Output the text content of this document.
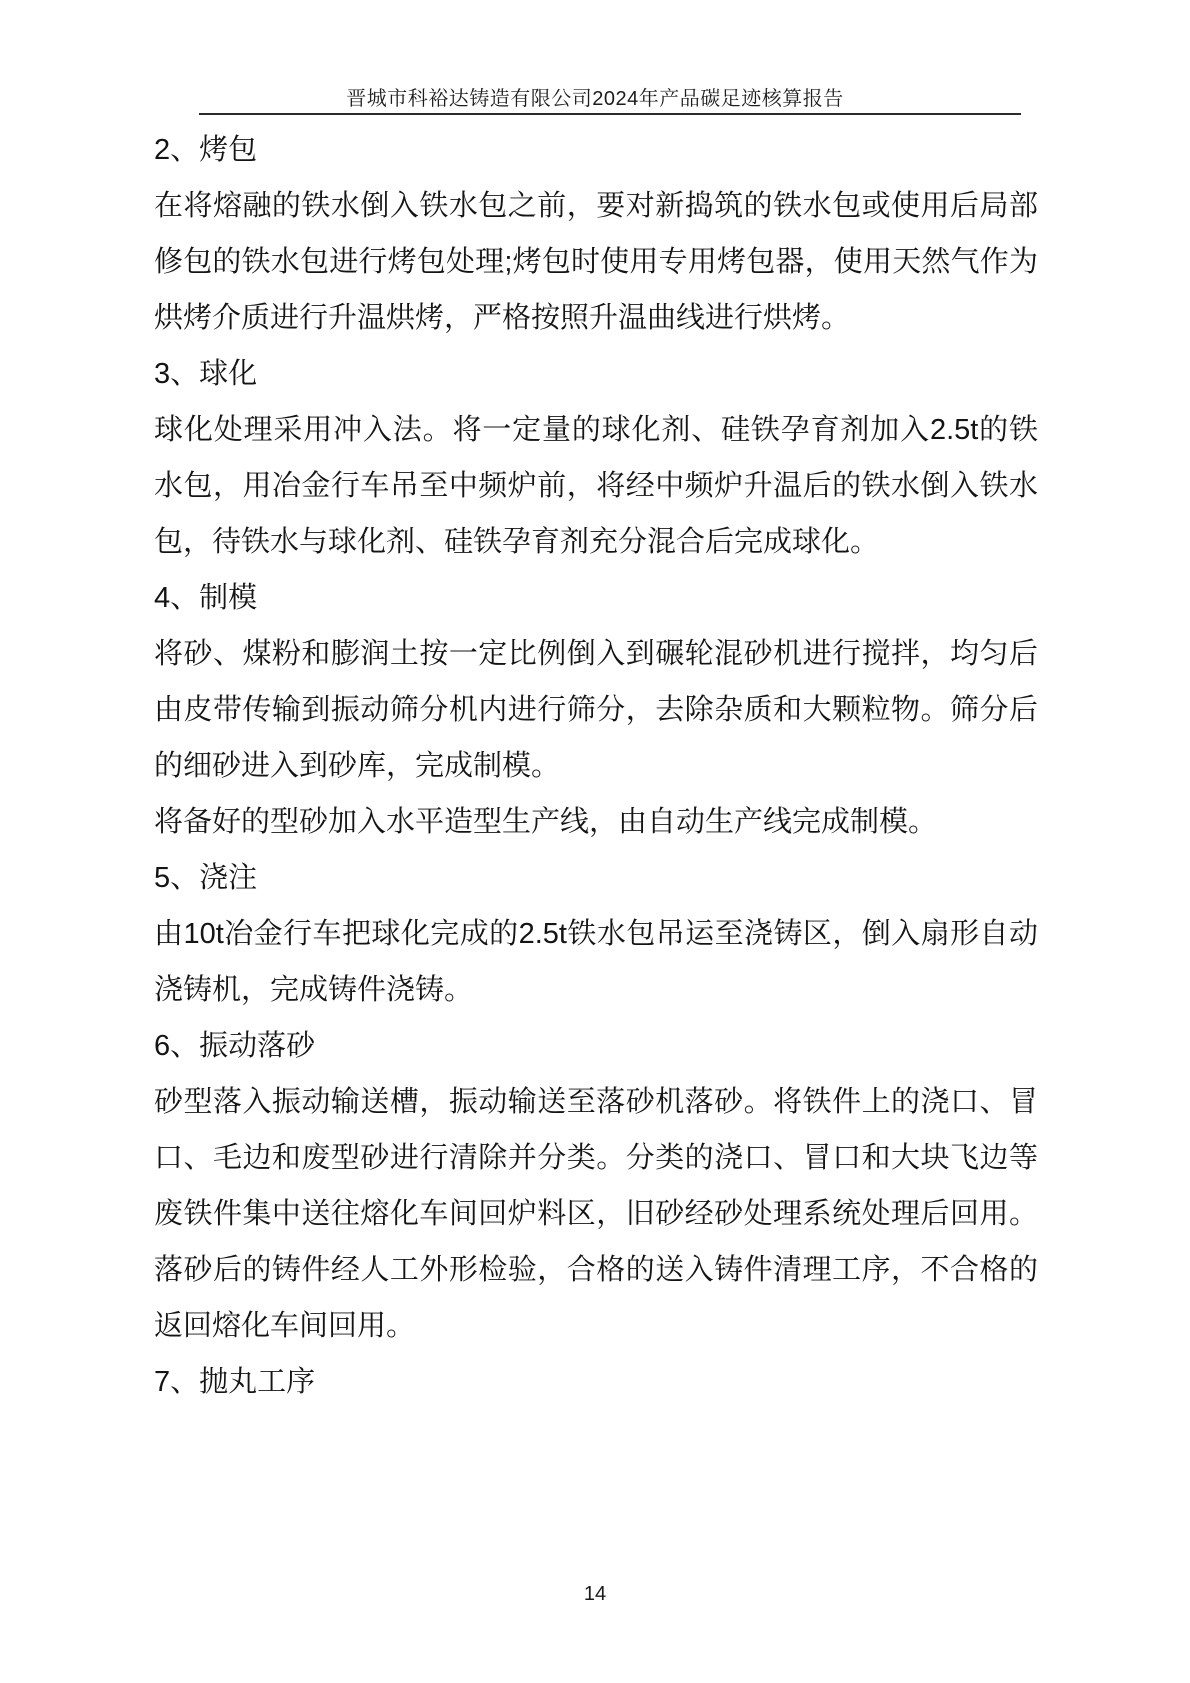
晋城市科裕达铸造有限公司2024年产品碳足迹核算报告
2、烤包
在将熔融的铁水倒入铁水包之前，要对新捣筑的铁水包或使用后局部修包的铁水包进行烤包处理;烤包时使用专用烤包器，使用天然气作为烘烤介质进行升温烘烤，严格按照升温曲线进行烘烤。
3、球化
球化处理采用冲入法。将一定量的球化剂、硅铁孕育剂加入2.5t的铁水包，用冶金行车吊至中频炉前，将经中频炉升温后的铁水倒入铁水包，待铁水与球化剂、硅铁孕育剂充分混合后完成球化。
4、制模
将砂、煤粉和膨润土按一定比例倒入到碾轮混砂机进行搅拌，均匀后由皮带传输到振动筛分机内进行筛分，去除杂质和大颗粒物。筛分后的细砂进入到砂库，完成制模。
将备好的型砂加入水平造型生产线，由自动生产线完成制模。
5、浇注
由10t冶金行车把球化完成的2.5t铁水包吊运至浇铸区，倒入扇形自动浇铸机，完成铸件浇铸。
6、振动落砂
砂型落入振动输送槽，振动输送至落砂机落砂。将铁件上的浇口、冒口、毛边和废型砂进行清除并分类。分类的浇口、冒口和大块飞边等废铁件集中送往熔化车间回炉料区，旧砂经砂处理系统处理后回用。落砂后的铸件经人工外形检验，合格的送入铸件清理工序，不合格的返回熔化车间回用。
7、抛丸工序
14
